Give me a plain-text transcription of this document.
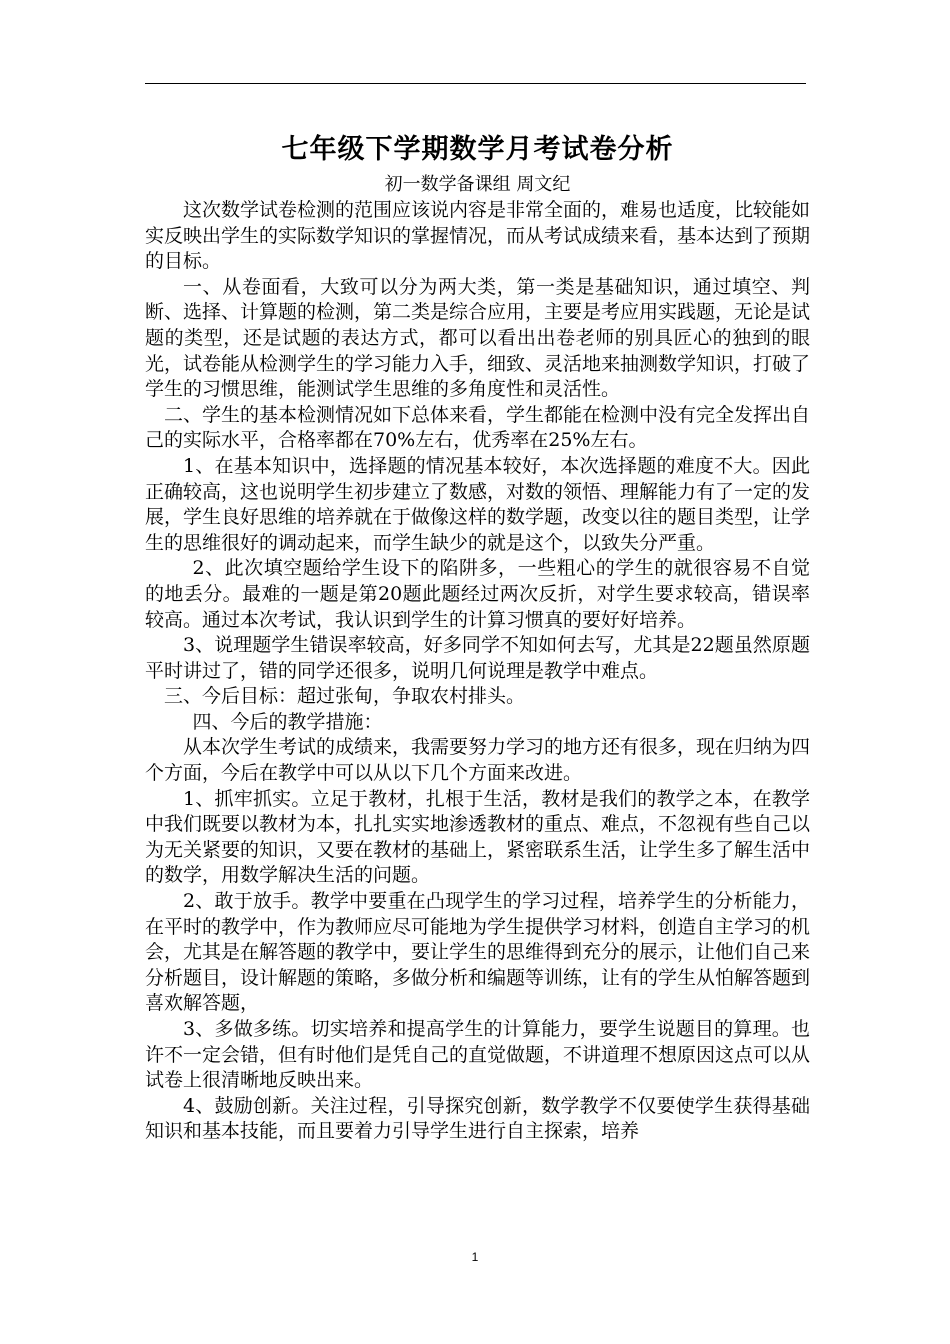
七年级下学期数学月考试卷分析

初一数学备课组 周文纪

这次数学试卷检测的范围应该说内容是非常全面的，难易也适度，比较能如实反映出学生的实际数学知识的掌握情况，而从考试成绩来看，基本达到了预期的目标。

一、从卷面看，大致可以分为两大类，第一类是基础知识，通过填空、判断、选择、计算题的检测，第二类是综合应用，主要是考应用实践题，无论是试题的类型，还是试题的表达方式，都可以看出出卷老师的别具匠心的独到的眼光，试卷能从检测学生的学习能力入手，细致、灵活地来抽测数学知识，打破了学生的习惯思维，能测试学生思维的多角度性和灵活性。

二、学生的基本检测情况如下总体来看，学生都能在检测中没有完全发挥出自己的实际水平，合格率都在70%左右，优秀率在25%左右。

1、在基本知识中，选择题的情况基本较好，本次选择题的难度不大。因此正确较高，这也说明学生初步建立了数感，对数的领悟、理解能力有了一定的发展，学生良好思维的培养就在于做像这样的数学题，改变以往的题目类型，让学生的思维很好的调动起来，而学生缺少的就是这个，以致失分严重。

2、此次填空题给学生设下的陷阱多，一些粗心的学生的就很容易不自觉的地丢分。最难的一题是第20题此题经过两次反折，对学生要求较高，错误率较高。通过本次考试，我认识到学生的计算习惯真的要好好培养。

3、说理题学生错误率较高，好多同学不知如何去写，尤其是22题虽然原题平时讲过了，错的同学还很多，说明几何说理是教学中难点。

三、今后目标：超过张甸，争取农村排头。

四、今后的教学措施：

从本次学生考试的成绩来，我需要努力学习的地方还有很多，现在归纳为四个方面，今后在教学中可以从以下几个方面来改进。

1、抓牢抓实。立足于教材，扎根于生活，教材是我们的教学之本，在教学中我们既要以教材为本，扎扎实实地渗透教材的重点、难点，不忽视有些自己以为无关紧要的知识，又要在教材的基础上，紧密联系生活，让学生多了解生活中的数学，用数学解决生活的问题。

2、敢于放手。教学中要重在凸现学生的学习过程，培养学生的分析能力，在平时的教学中，作为教师应尽可能地为学生提供学习材料，创造自主学习的机会，尤其是在解答题的教学中，要让学生的思维得到充分的展示，让他们自己来分析题目，设计解题的策略，多做分析和编题等训练，让有的学生从怕解答题到喜欢解答题，

3、多做多练。切实培养和提高学生的计算能力，要学生说题目的算理。也许不一定会错，但有时他们是凭自己的直觉做题，不讲道理不想原因这点可以从试卷上很清晰地反映出来。

4、鼓励创新。关注过程，引导探究创新，数学教学不仅要使学生获得基础知识和基本技能，而且要着力引导学生进行自主探索，培养

1
